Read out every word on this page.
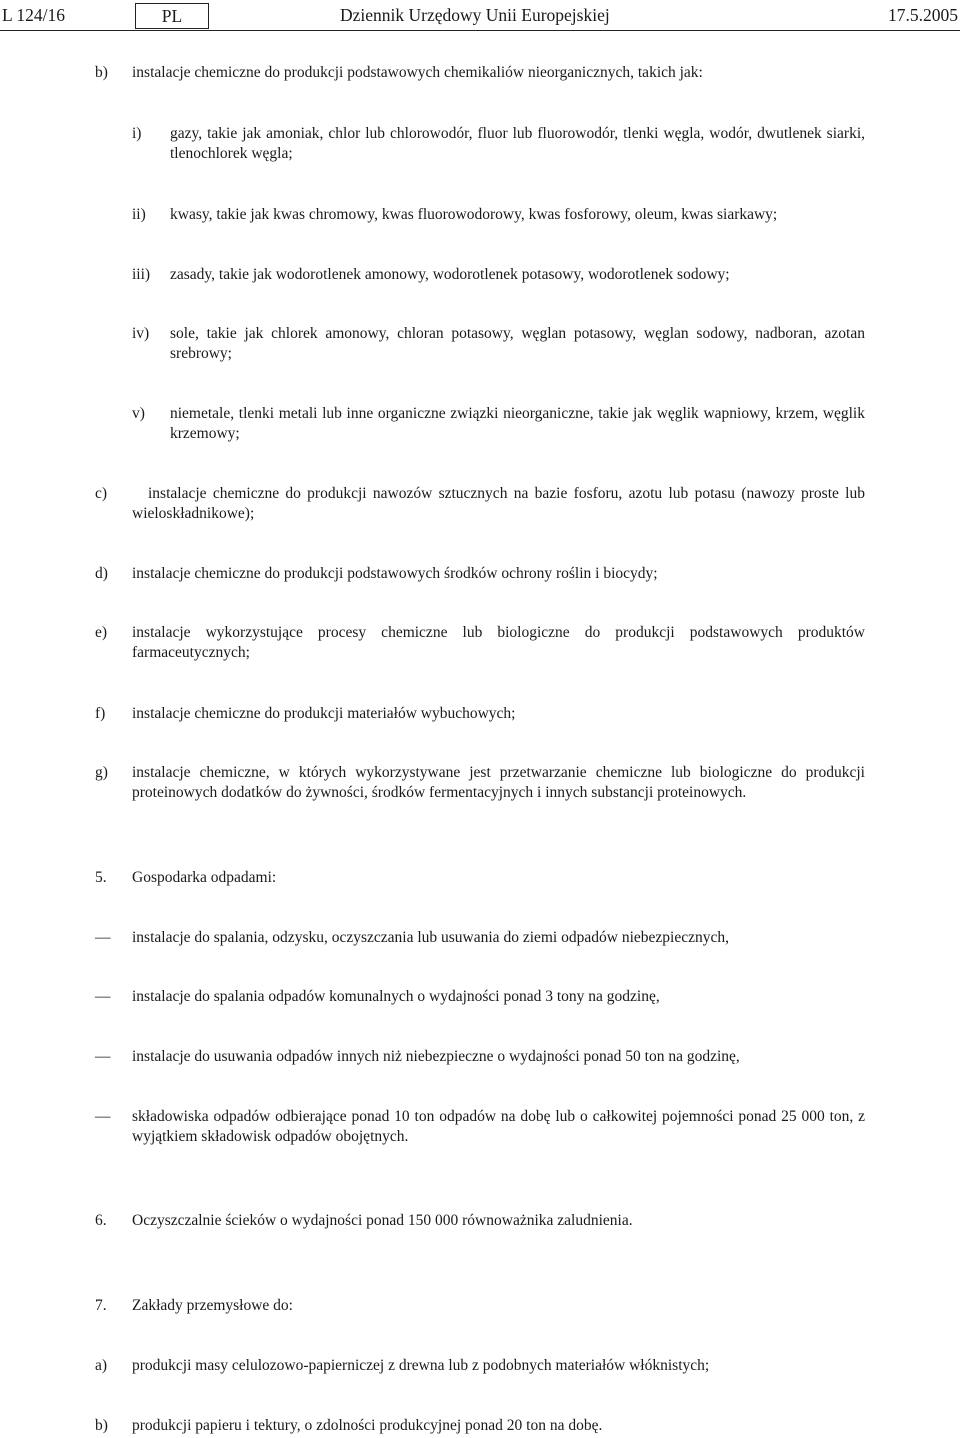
L 124/16	PL	Dziennik Urzędowy Unii Europejskiej	17.5.2005
b) instalacje chemiczne do produkcji podstawowych chemikaliów nieorganicznych, takich jak:
i) gazy, takie jak amoniak, chlor lub chlorowodór, fluor lub fluorowodór, tlenki węgla, wodór, dwutlenek siarki, tlenochlorek węgla;
ii) kwasy, takie jak kwas chromowy, kwas fluorowodorowy, kwas fosforowy, oleum, kwas siarkawy;
iii) zasady, takie jak wodorotlenek amonowy, wodorotlenek potasowy, wodorotlenek sodowy;
iv) sole, takie jak chlorek amonowy, chloran potasowy, węglan potasowy, węglan sodowy, nadboran, azotan srebrowy;
v) niemetale, tlenki metali lub inne organiczne związki nieorganiczne, takie jak węglik wapniowy, krzem, węglik krzemowy;
c)	instalacje chemiczne do produkcji nawozów sztucznych na bazie fosforu, azotu lub potasu (nawozy proste lub wieloskładnikowe);
d) instalacje chemiczne do produkcji podstawowych środków ochrony roślin i biocydy;
e) instalacje wykorzystujące procesy chemiczne lub biologiczne do produkcji podstawowych produktów farmaceutycznych;
f) instalacje chemiczne do produkcji materiałów wybuchowych;
g) instalacje chemiczne, w których wykorzystywane jest przetwarzanie chemiczne lub biologiczne do produkcji proteinowych dodatków do żywności, środków fermentacyjnych i innych substancji proteinowych.
5. Gospodarka odpadami:
— instalacje do spalania, odzysku, oczyszczania lub usuwania do ziemi odpadów niebezpiecznych,
— instalacje do spalania odpadów komunalnych o wydajności ponad 3 tony na godzinę,
— instalacje do usuwania odpadów innych niż niebezpieczne o wydajności ponad 50 ton na godzinę,
— składowiska odpadów odbierające ponad 10 ton odpadów na dobę lub o całkowitej pojemności ponad 25 000 ton, z wyjątkiem składowisk odpadów obojętnych.
6. Oczyszczalnie ścieków o wydajności ponad 150 000 równoważnika zaludnienia.
7. Zakłady przemysłowe do:
a) produkcji masy celulozowo-papierniczej z drewna lub z podobnych materiałów włóknistych;
b) produkcji papieru i tektury, o zdolności produkcyjnej ponad 20 ton na dobę.
